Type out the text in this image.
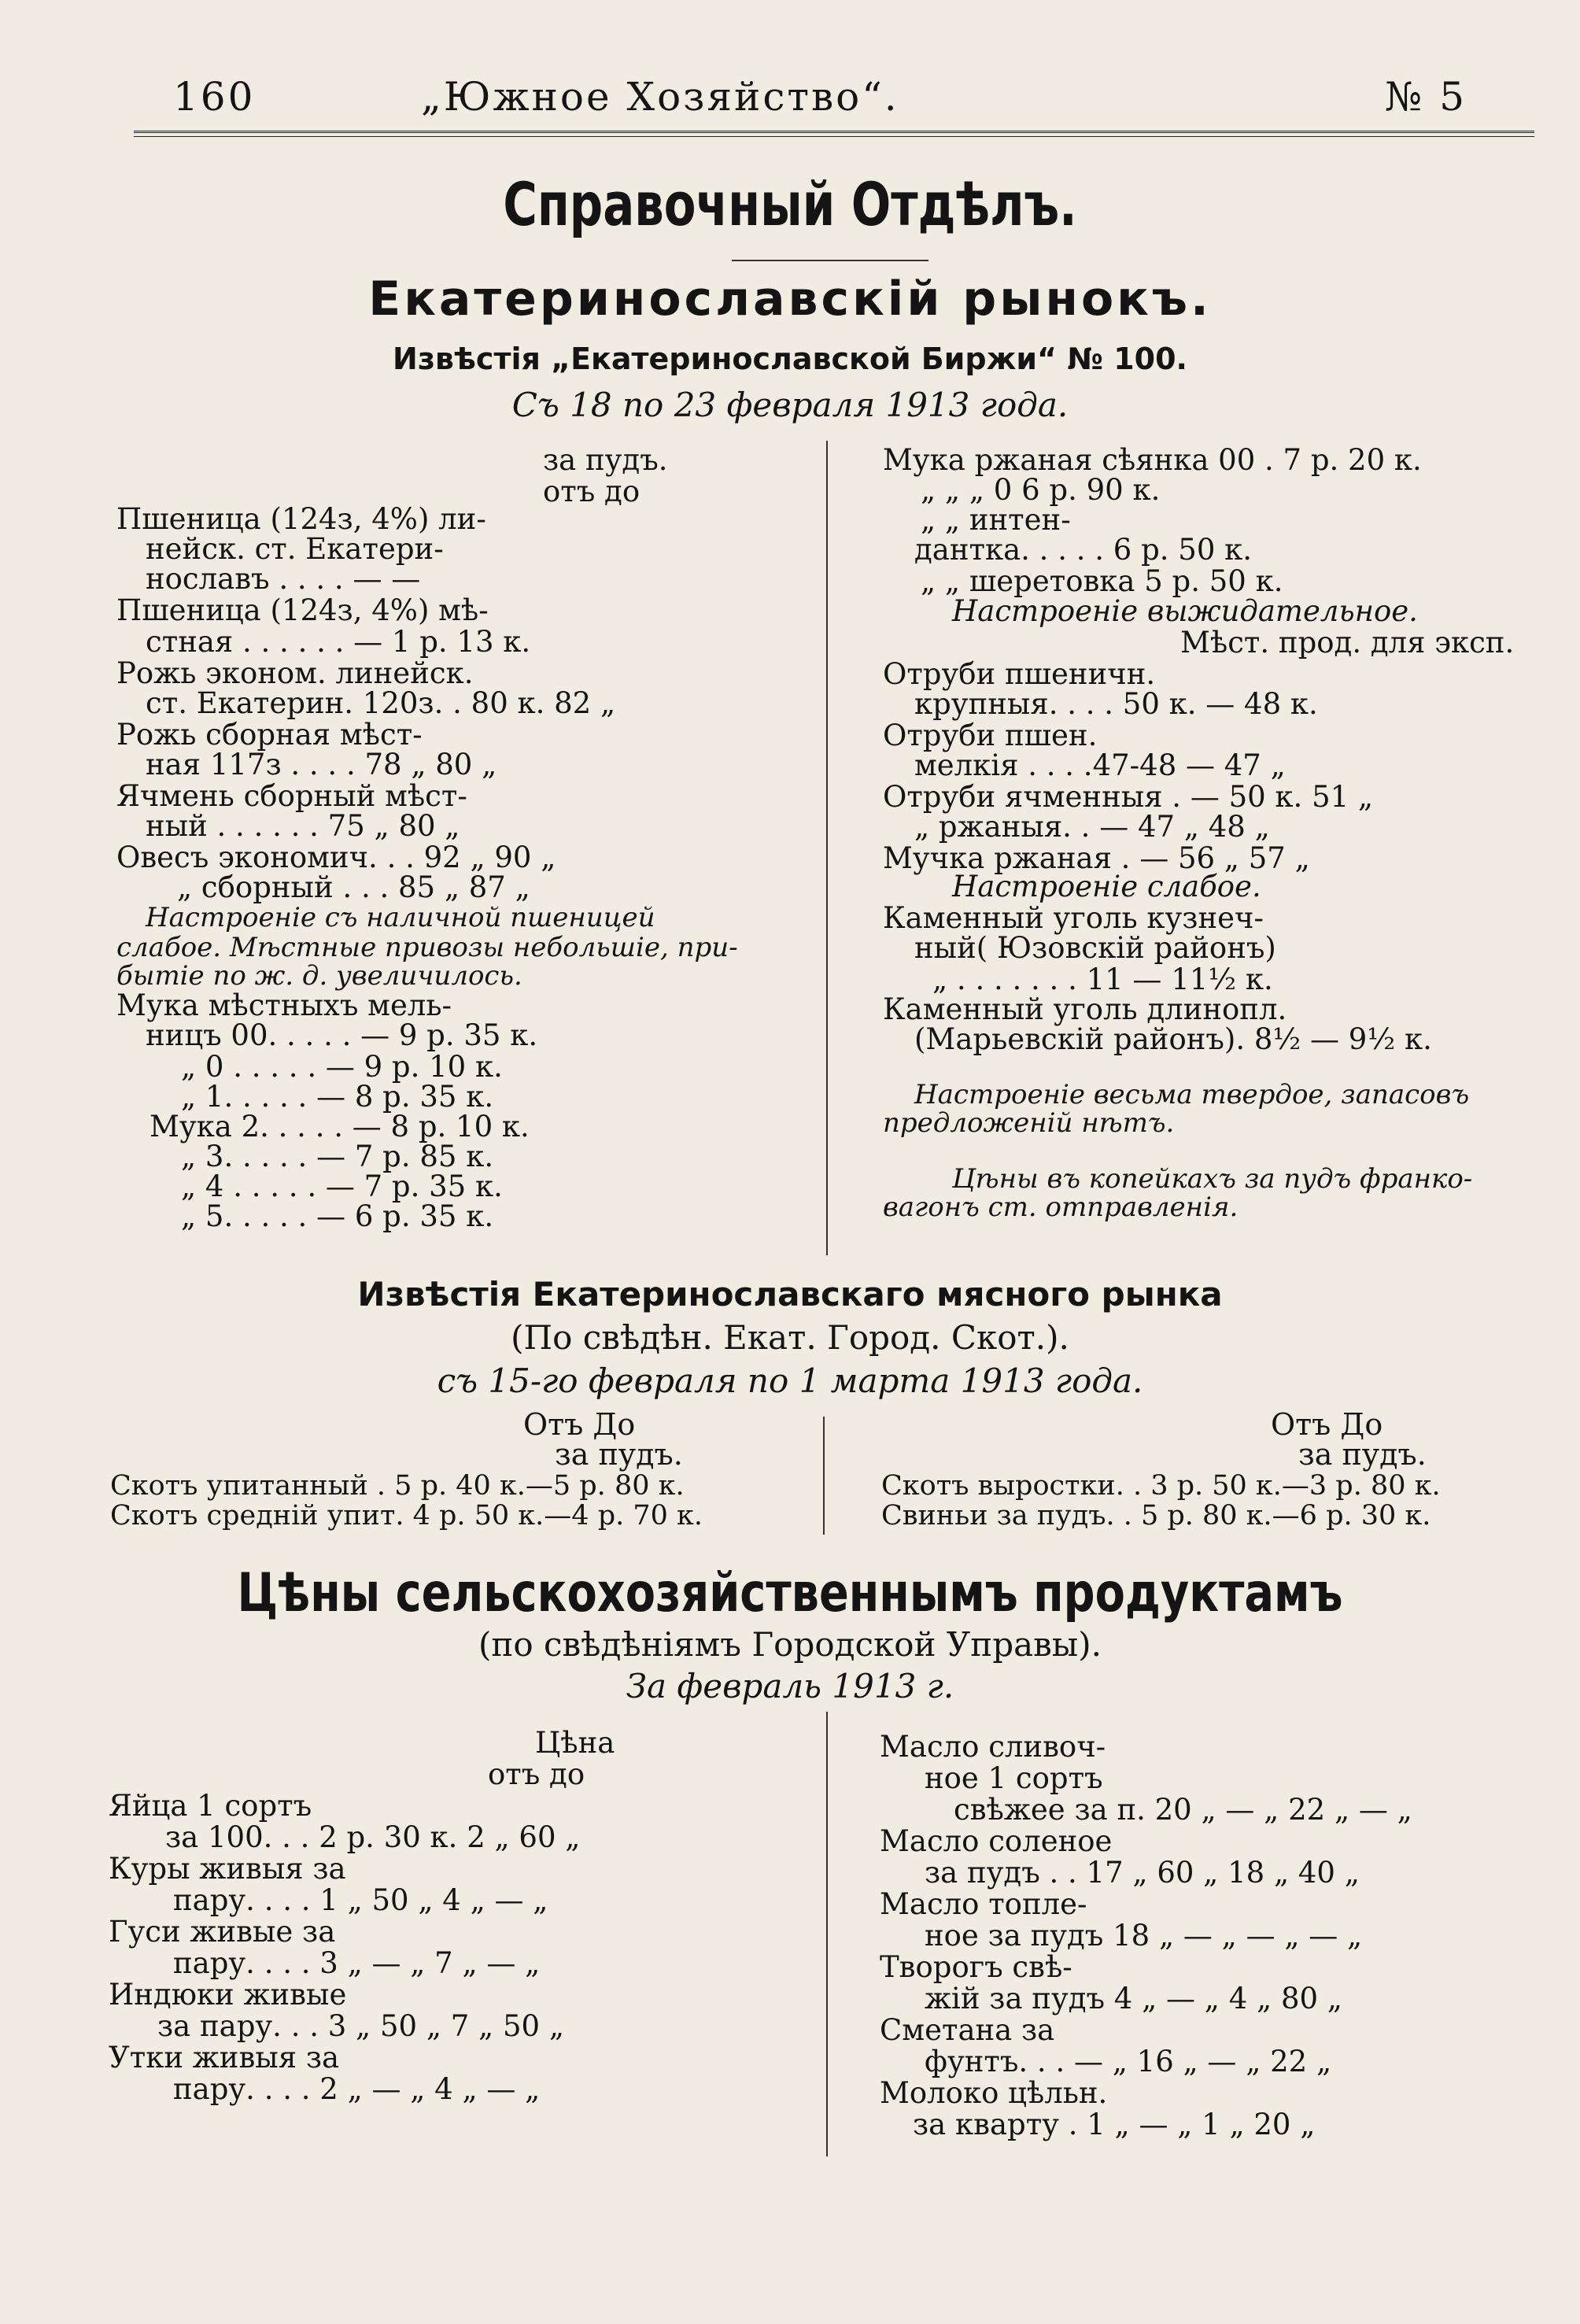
160	„Южное Хозяйство“.	№ 5
Справочный Отдѣлъ.
Екатеринославскій рынокъ.
Извѣстія „Екатеринославской Биржи“ № 100.
Съ 18 по 23 февраля 1913 года.
за пудъ.
отъ до
Пшеница (124з, 4%) ли-
нейск. ст. Екатери-
нославъ . . . . — —
Пшеница (124з, 4%) мѣ-
стная . . . . . . — 1 р. 13 к.
Рожь эконом. линейск.
ст. Екатерин. 120з. . 80 к. 82 „
Рожь сборная мѣст-
ная 117з . . . . 78 „ 80 „
Ячмень сборный мѣст-
ный . . . . . . 75 „ 80 „
Овесъ экономич. . . 92 „ 90 „
„ сборный . . . 85 „ 87 „
Настроеніе съ наличной пшеницей
слабое. Мѣстные привозы небольшіе, при-
бытіе по ж. д. увеличилось.
Мука мѣстныхъ мель-
ницъ 00. . . . . — 9 р. 35 к.
„ 0 . . . . . — 9 р. 10 к.
„ 1. . . . . — 8 р. 35 к.
Мука 2. . . . . — 8 р. 10 к.
„ 3. . . . . — 7 р. 85 к.
„ 4 . . . . . — 7 р. 35 к.
„ 5. . . . . — 6 р. 35 к.
Мука ржаная сѣянка 00 . 7 р. 20 к.
„ „ „ 0 6 р. 90 к.
„ „ интен-
дантка. . . . . 6 р. 50 к.
„ „ шеретовка 5 р. 50 к.
Настроеніе выжидательное.
Мѣст. прод. для эксп.
Отруби пшеничн.
крупныя. . . . 50 к. — 48 к.
Отруби пшен.
мелкія . . . .47-48 — 47 „
Отруби ячменныя . — 50 к. 51 „
„ ржаныя. . — 47 „ 48 „
Мучка ржаная . — 56 „ 57 „
Настроеніе слабое.
Каменный уголь кузнеч-
ный( Юзовскій районъ)
„ . . . . . . . 11 — 11½ к.
Каменный уголь длинопл.
(Марьевскій районъ). 8½ — 9½ к.
Настроеніе весьма твердое, запасовъ
предложеній нѣтъ.
Цѣны въ копейкахъ за пудъ франко-
вагонъ ст. отправленія.
Извѣстія Екатеринославскаго мясного рынка
(По свѣдѣн. Екат. Город. Скот.).
съ 15-го февраля по 1 марта 1913 года.
Отъ До
за пудъ.
Скотъ упитанный . 5 р. 40 к.—5 р. 80 к.
Скотъ средній упит. 4 р. 50 к.—4 р. 70 к.
Отъ До
за пудъ.
Скотъ выростки. . 3 р. 50 к.—3 р. 80 к.
Свиньи за пудъ. . 5 р. 80 к.—6 р. 30 к.
Цѣны сельскохозяйственнымъ продуктамъ
(по свѣдѣніямъ Городской Управы).
За февраль 1913 г.
Цѣна
отъ до
Яйца 1 сортъ
за 100. . . 2 р. 30 к. 2 „ 60 „
Куры живыя за
пару. . . . 1 „ 50 „ 4 „ — „
Гуси живые за
пару. . . . 3 „ — „ 7 „ — „
Индюки живые
за пару. . . 3 „ 50 „ 7 „ 50 „
Утки живыя за
пару. . . . 2 „ — „ 4 „ — „
Масло сливоч-
ное 1 сортъ
свѣжее за п. 20 „ — „ 22 „ — „
Масло соленое
за пудъ . . 17 „ 60 „ 18 „ 40 „
Масло топле-
ное за пудъ 18 „ — „ — „ — „
Творогъ свѣ-
жій за пудъ 4 „ — „ 4 „ 80 „
Сметана за
фунтъ. . . — „ 16 „ — „ 22 „
Молоко цѣльн.
за кварту . 1 „ — „ 1 „ 20 „
